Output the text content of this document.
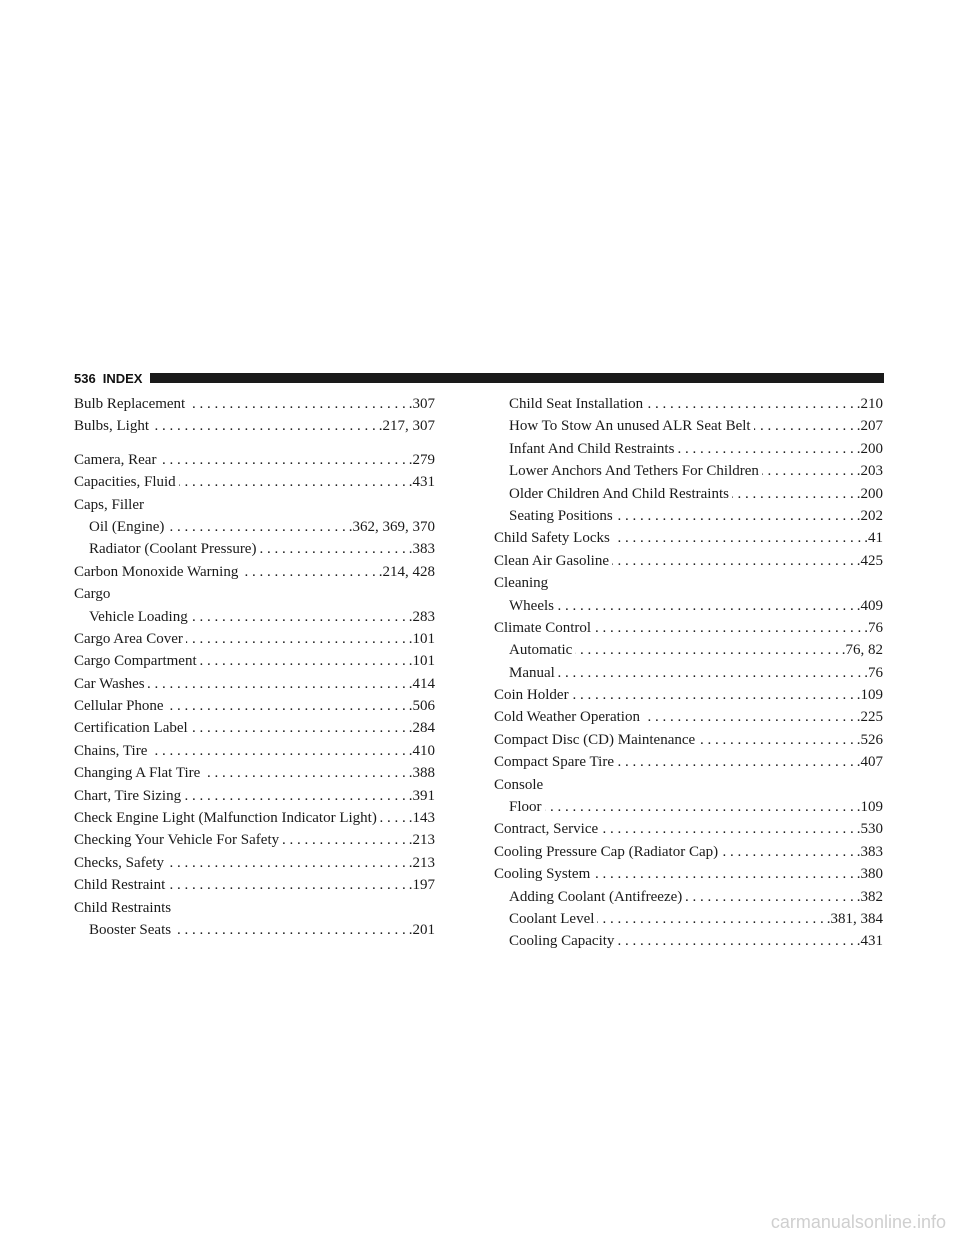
536 INDEX
Bulb Replacement . . .	.307
Bulbs, Light . . .	.217, 307
Camera, Rear . . .	.279
Capacities, Fluid . . .	.431
Caps, Filler
Oil (Engine) . . .	.362, 369, 370
Radiator (Coolant Pressure) . . .	.383
Carbon Monoxide Warning . . .	.214, 428
Cargo
Vehicle Loading . . .	.283
Cargo Area Cover . . .	.101
Cargo Compartment . . .	.101
Car Washes . . .	.414
Cellular Phone . . .	.506
Certification Label . . .	.284
Chains, Tire . . .	.410
Changing A Flat Tire . . .	.388
Chart, Tire Sizing . . .	.391
Check Engine Light (Malfunction Indicator Light) . . . .143
Checking Your Vehicle For Safety . . .	.213
Checks, Safety . . .	.213
Child Restraint . . .	.197
Child Restraints
Booster Seats . . .	.201
Child Seat Installation . . .	.210
How To Stow An unused ALR Seat Belt . . .	.207
Infant And Child Restraints . . .	.200
Lower Anchors And Tethers For Children . . .	.203
Older Children And Child Restraints . . .	.200
Seating Positions . . .	.202
Child Safety Locks . . .	.41
Clean Air Gasoline . . .	.425
Cleaning
Wheels . . .	.409
Climate Control . . .	.76
Automatic . . .	.76, 82
Manual . . .	.76
Coin Holder . . .	.109
Cold Weather Operation . . .	.225
Compact Disc (CD) Maintenance . . .	.526
Compact Spare Tire . . .	.407
Console
Floor . . .	.109
Contract, Service . . .	.530
Cooling Pressure Cap (Radiator Cap) . . .	.383
Cooling System . . .	.380
Adding Coolant (Antifreeze) . . .	.382
Coolant Level . . .	.381, 384
Cooling Capacity . . .	.431
carmanualsonline.info
